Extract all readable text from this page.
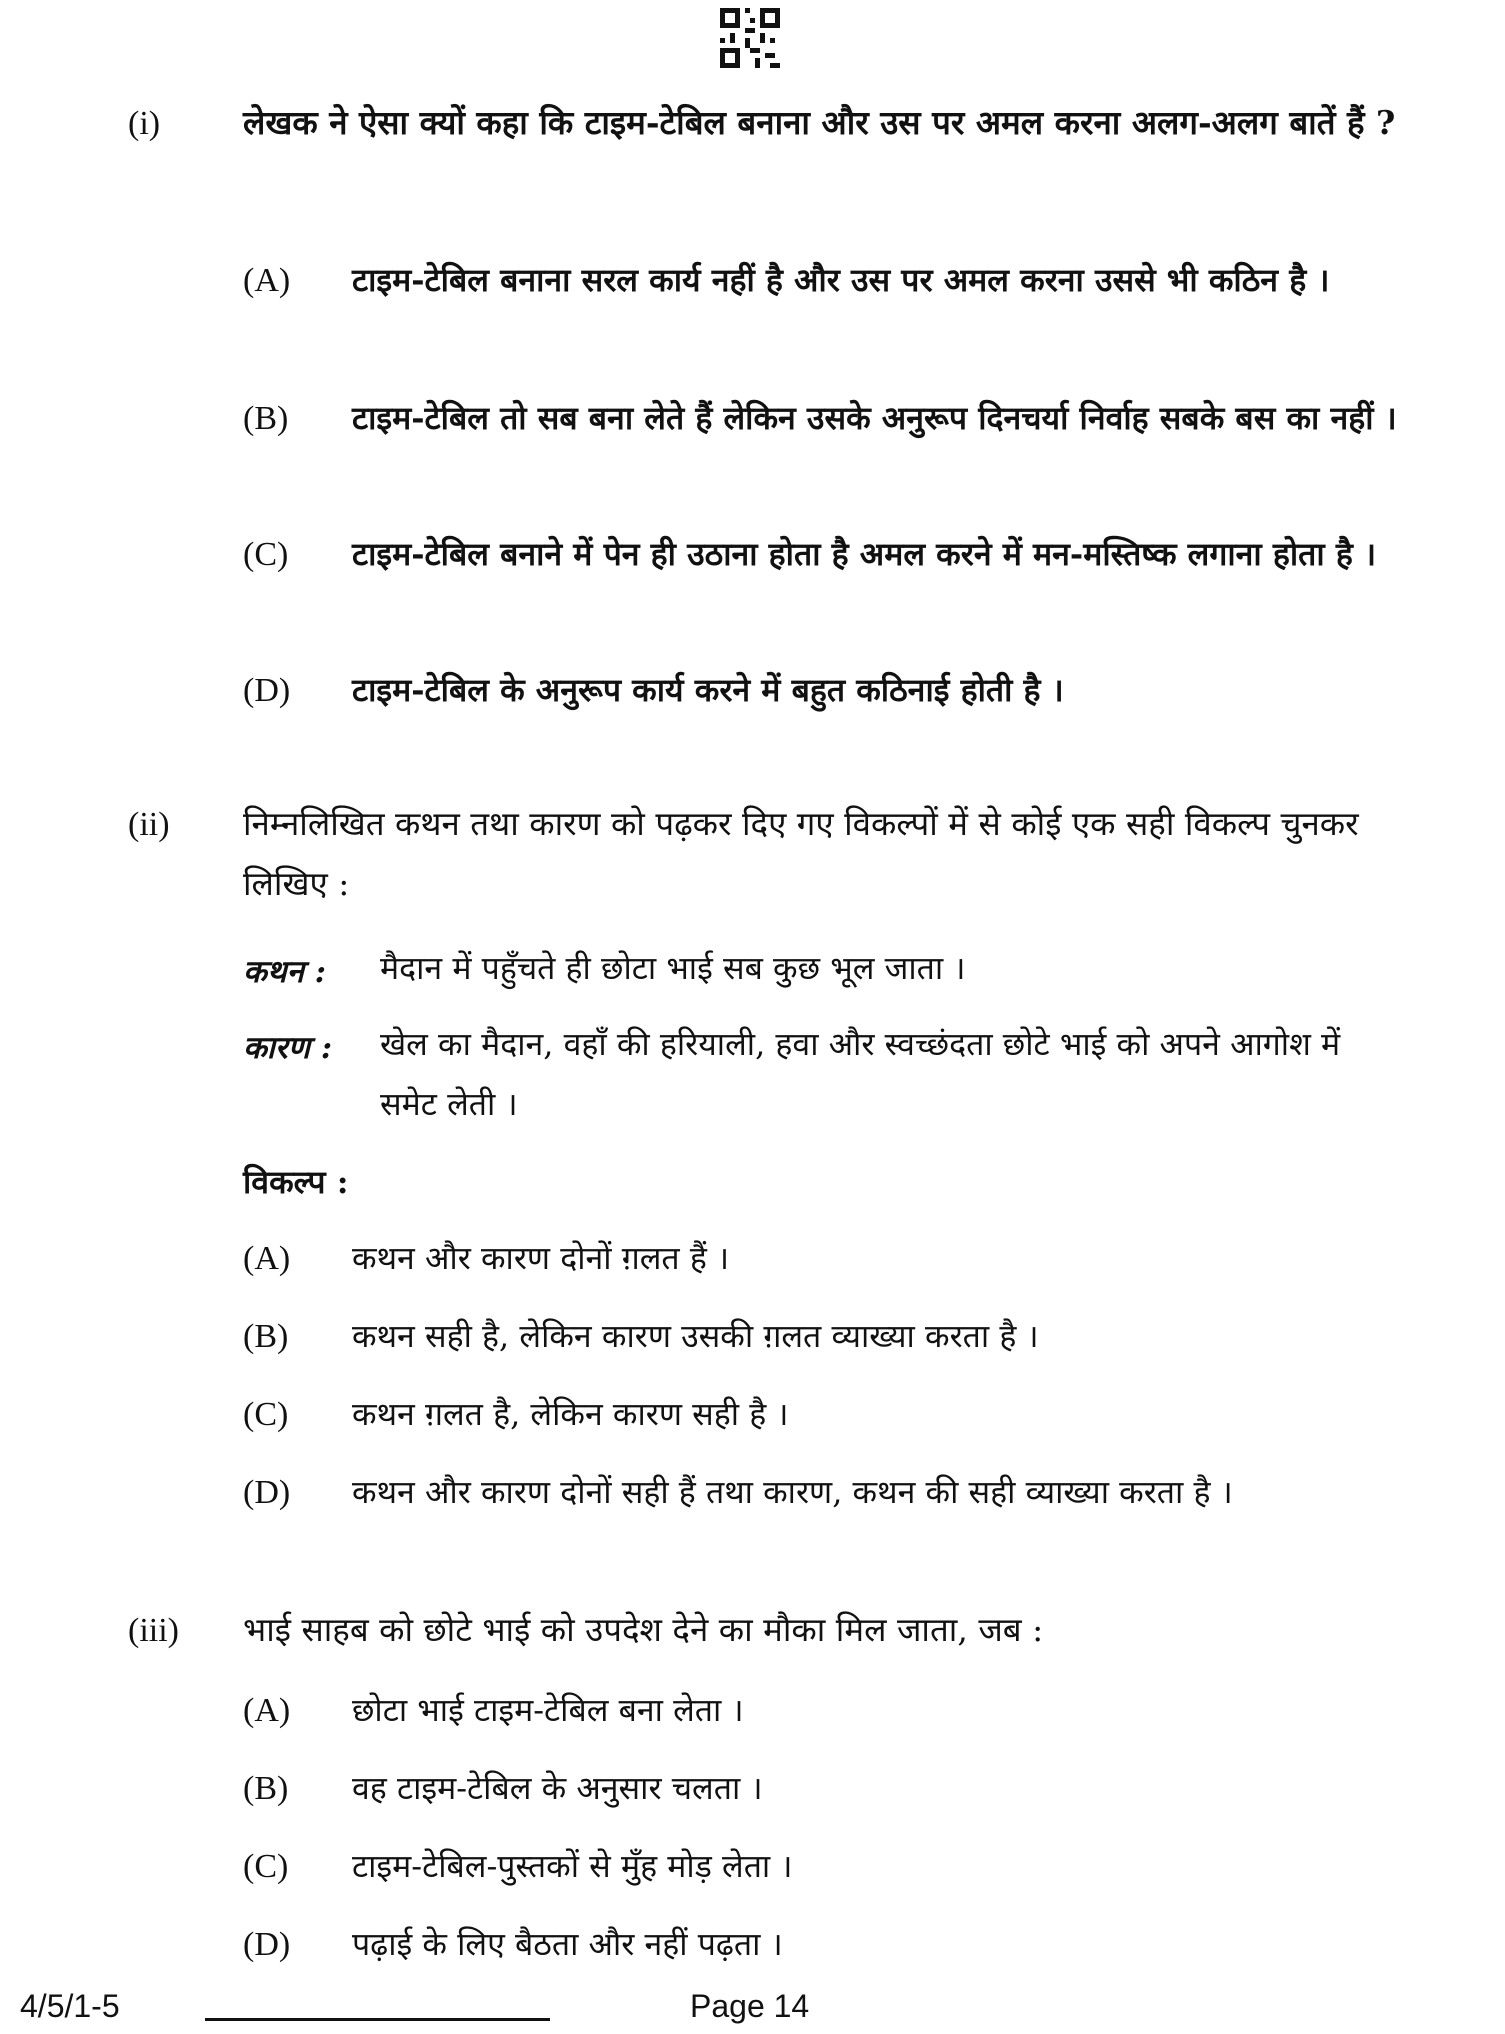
(i)	लेखक ने ऐसा क्यों कहा कि टाइम-टेबिल बनाना और उस पर अमल करना अलग-अलग बातें हैं ?
(A) टाइम-टेबिल बनाना सरल कार्य नहीं है और उस पर अमल करना उससे भी कठिन है ।
(B) टाइम-टेबिल तो सब बना लेते हैं लेकिन उसके अनुरूप दिनचर्या निर्वाह सबके बस का नहीं ।
(C) टाइम-टेबिल बनाने में पेन ही उठाना होता है अमल करने में मन-मस्तिष्क लगाना होता है ।
(D) टाइम-टेबिल के अनुरूप कार्य करने में बहुत कठिनाई होती है ।
(ii) निम्नलिखित कथन तथा कारण को पढ़कर दिए गए विकल्पों में से कोई एक सही विकल्प चुनकर लिखिए :
कथन : मैदान में पहुँचते ही छोटा भाई सब कुछ भूल जाता ।
कारण : खेल का मैदान, वहाँ की हरियाली, हवा और स्वच्छंदता छोटे भाई को अपने आगोश में समेट लेती ।
विकल्प :
(A) कथन और कारण दोनों ग़लत हैं ।
(B) कथन सही है, लेकिन कारण उसकी ग़लत व्याख्या करता है ।
(C) कथन ग़लत है, लेकिन कारण सही है ।
(D) कथन और कारण दोनों सही हैं तथा कारण, कथन की सही व्याख्या करता है ।
(iii) भाई साहब को छोटे भाई को उपदेश देने का मौका मिल जाता, जब :
(A) छोटा भाई टाइम-टेबिल बना लेता ।
(B) वह टाइम-टेबिल के अनुसार चलता ।
(C) टाइम-टेबिल-पुस्तकों से मुँह मोड़ लेता ।
(D) पढ़ाई के लिए बैठता और नहीं पढ़ता ।
4/5/1-5	Page 14
